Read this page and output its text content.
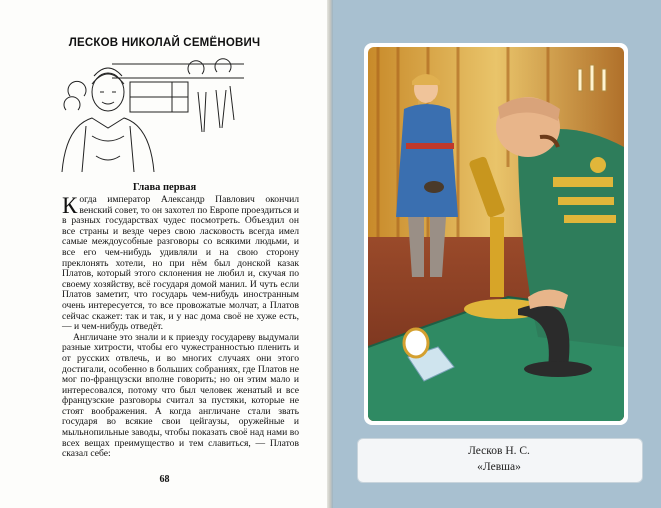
ЛЕСКОВ НИКОЛАЙ СЕМЁНОВИЧ
Глава первая

Когда император Александр Павлович окончил венский совет, то он захотел по Европе проездиться и в разных государствах чудес посмотреть. Объездил он все страны и везде через свою ласковость всегда имел самые междоусобные разговоры со всякими людьми, и все его чем-нибудь удивляли и на свою сторону преклонять хотели, но при нём был донской казак Платов, который этого склонения не любил и, скучая по своему хозяйству, всё государя домой манил. И чуть если Платов заметит, что государь чем-нибудь иностранным очень интересуется, то все провожатые молчат, а Платов сейчас скажет: так и так, и у нас дома своё не хуже есть, — и чем-нибудь отведёт.

Англичане это знали и к приезду государеву выдумали разные хитрости, чтобы его чужестранностью пленить и от русских отвлечь, и во многих случаях они этого достигали, особенно в больших собраниях, где Платов не мог по-французски вполне говорить; но он этим мало и интересовался, потому что был человек женатый и все французские разговоры считал за пустяки, которые не стоят воображения. А когда англичане стали звать государя во всякие свои цейгаузы, оружейные и мыльнопильные заводы, чтобы показать своё над нами во всех вещах преимущество и тем славиться, — Платов сказал себе:

68
Лесков Н. С.
«Левша»
